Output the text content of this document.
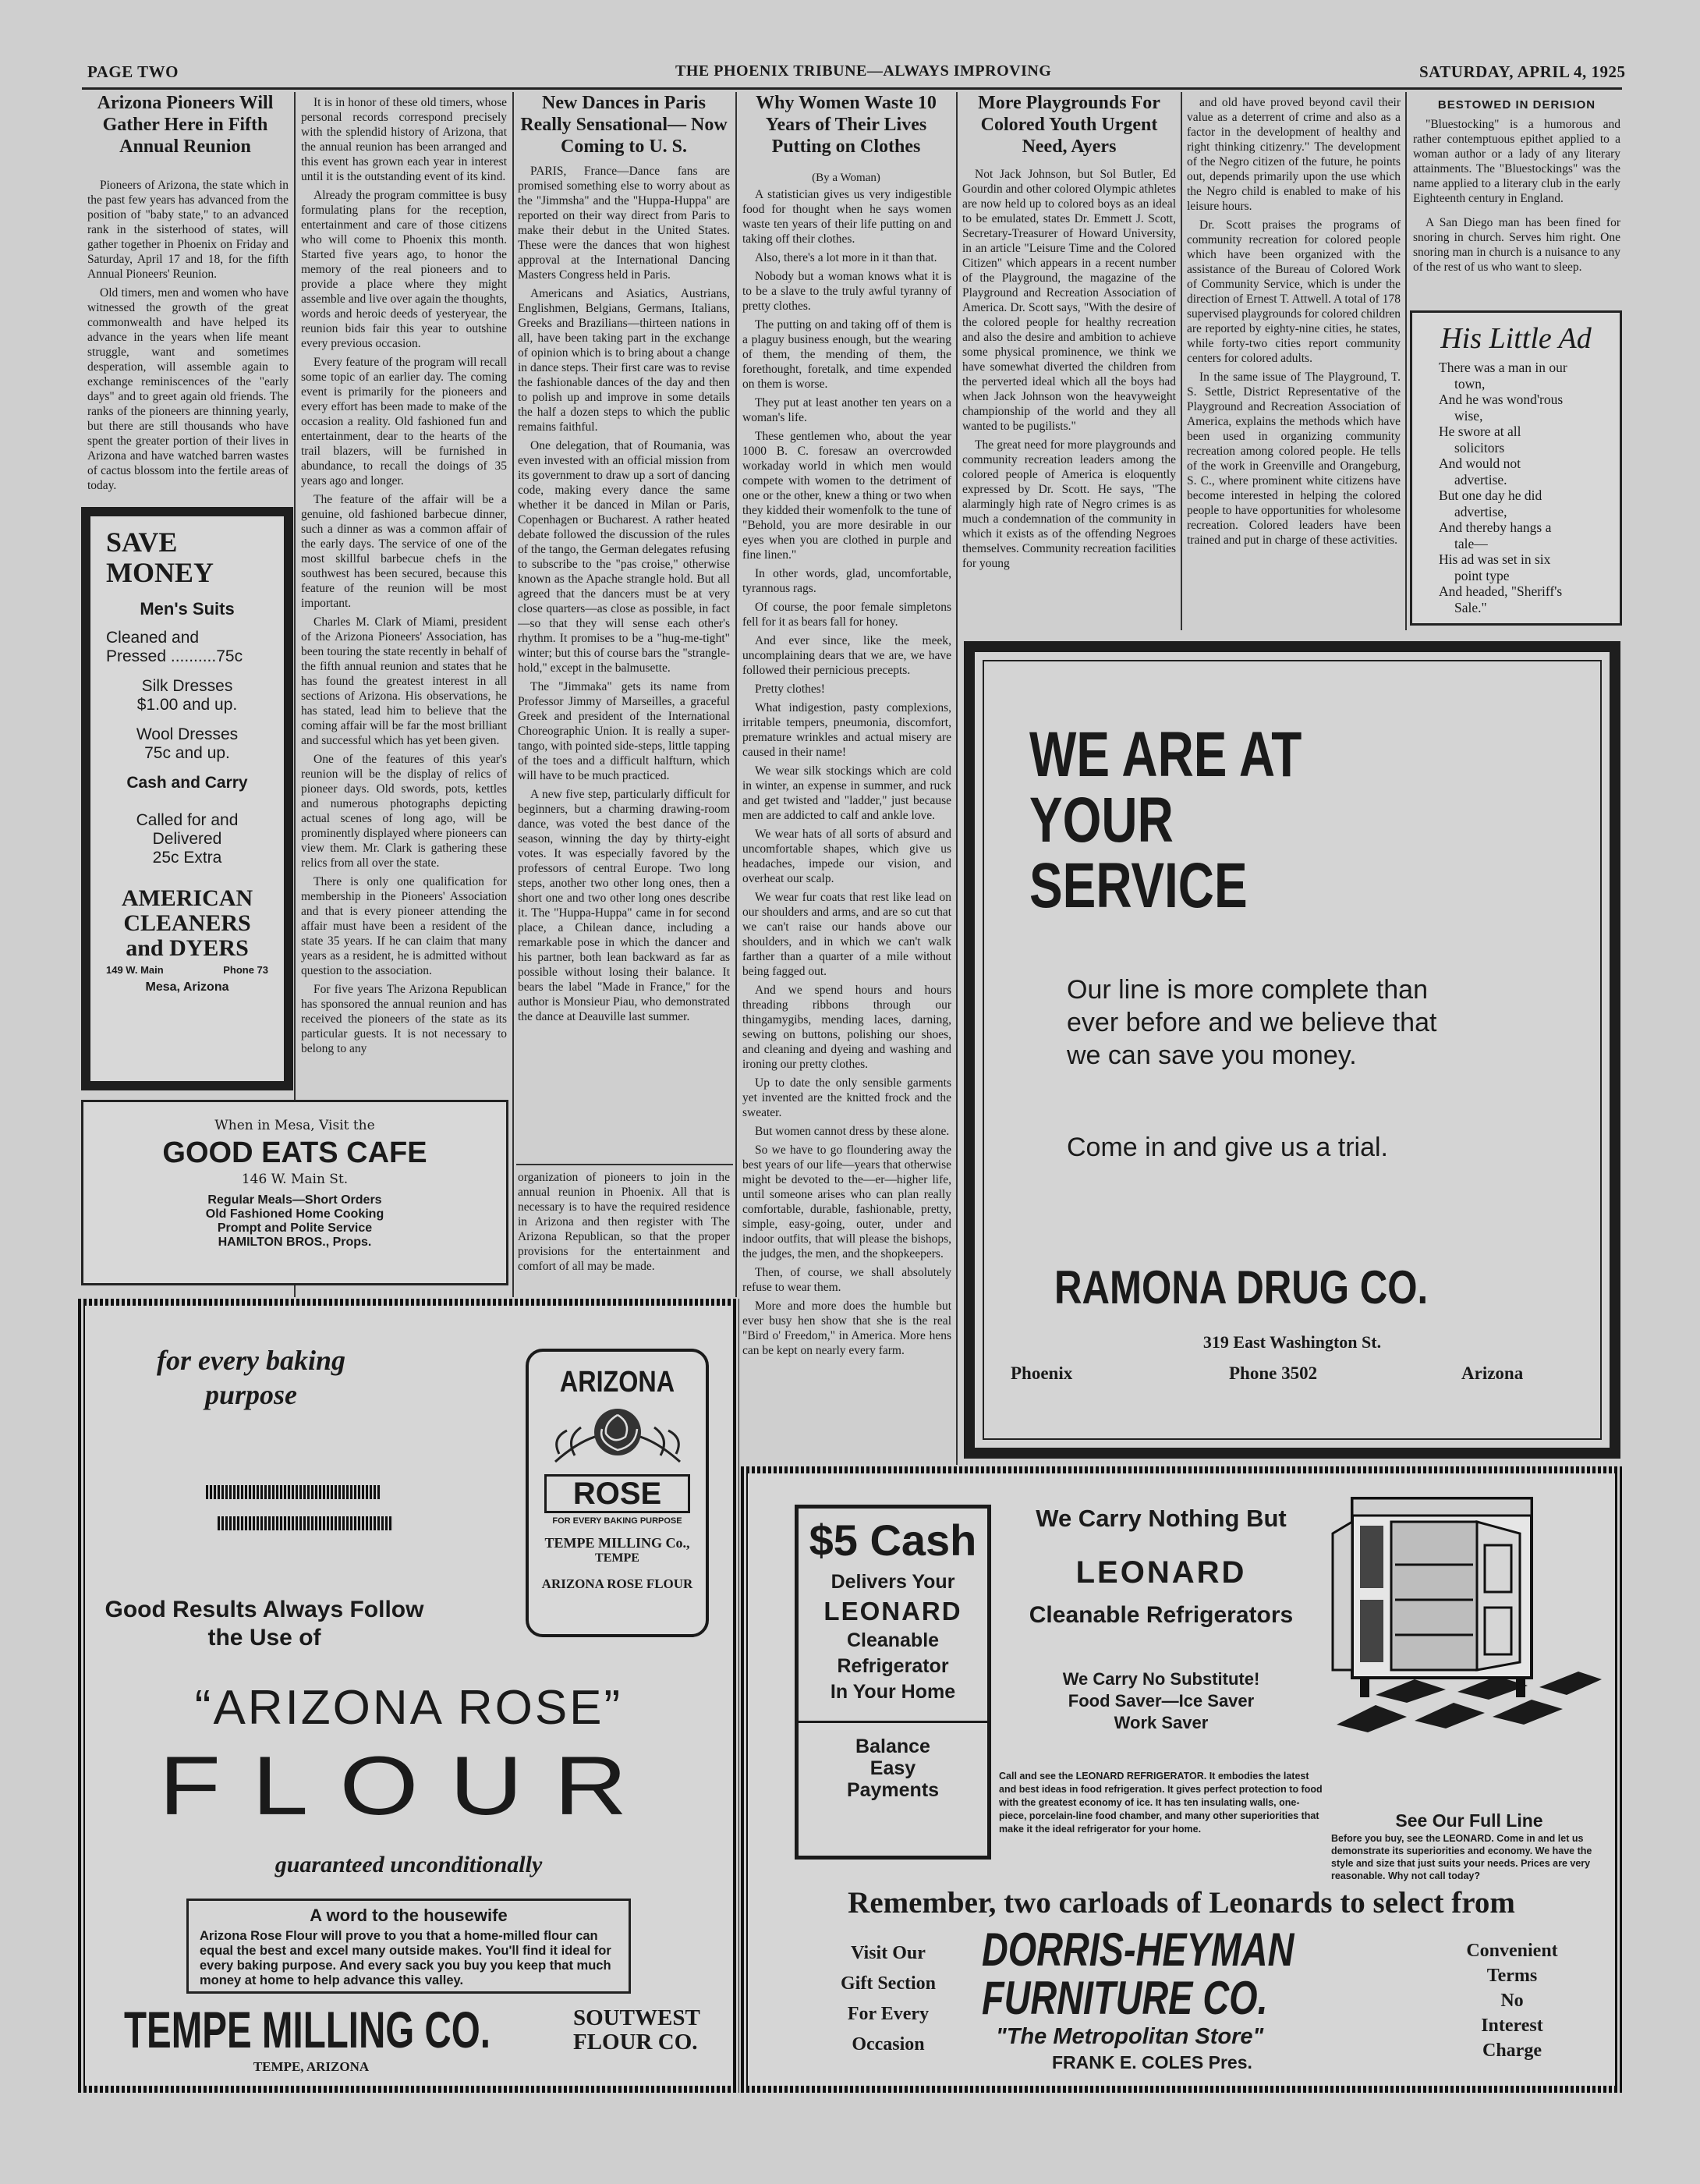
PAGE TWO	THE PHOENIX TRIBUNE—ALWAYS IMPROVING	SATURDAY, APRIL 4, 1925
Arizona Pioneers Will Gather Here in Fifth Annual Reunion

Pioneers of Arizona, the state which in the past few years has advanced from the position of "baby state," to an advanced rank in the sisterhood of states, will gather together in Phoenix on Friday and Saturday, April 17 and 18, for the fifth Annual Pioneers' Reunion.

Old timers, men and women who have witnessed the growth of the great commonwealth and have helped its advance in the years when life meant struggle, want and sometimes desperation, will assemble again to exchange reminiscences of the "early days" and to greet again old friends. The ranks of the pioneers are thinning yearly, but there are still thousands who have spent the greater portion of their lives in Arizona and have watched barren wastes of cactus blossom into the fertile areas of today.

SAVE
MONEY
Men's Suits
Cleaned and
Pressed ..........75c
Silk Dresses
$1.00 and up.
Wool Dresses
75c and up.
Cash and Carry
Called for and
Delivered
25c Extra
AMERICAN
CLEANERS
and DYERS
149 W. Main	Phone 73
Mesa, Arizona
When in Mesa, Visit the
GOOD EATS CAFE
146 W. Main St.
Regular Meals—Short Orders
Old Fashioned Home Cooking
Prompt and Polite Service
HAMILTON BROS., Props.

It is in honor of these old timers, whose personal records correspond precisely with the splendid history of Arizona, that the annual reunion has been arranged and this event has grown each year in interest until it is the outstanding event of its kind.

Already the program committee is busy formulating plans for the reception, entertainment and care of those citizens who will come to Phoenix this month. Started five years ago, to honor the memory of the real pioneers and to provide a place where they might assemble and live over again the thoughts, words and heroic deeds of yesteryear, the reunion bids fair this year to outshine every previous occasion.

Every feature of the program will recall some topic of an earlier day. The coming event is primarily for the pioneers and every effort has been made to make of the occasion a reality. Old fashioned fun and entertainment, dear to the hearts of the trail blazers, will be furnished in abundance, to recall the doings of 35 years ago and longer.

The feature of the affair will be a genuine, old fashioned barbecue dinner, such a dinner as was a common affair of the early days. The service of one of the most skillful barbecue chefs in the southwest has been secured, because this feature of the reunion will be most important.

Charles M. Clark of Miami, president of the Arizona Pioneers' Association, has been touring the state recently in behalf of the fifth annual reunion and states that he has found the greatest interest in all sections of Arizona. His observations, he has stated, lead him to believe that the coming affair will be far the most brilliant and successful which has yet been given.

One of the features of this year's reunion will be the display of relics of pioneer days. Old swords, pots, kettles and numerous photographs depicting actual scenes of long ago, will be prominently displayed where pioneers can view them. Mr. Clark is gathering these relics from all over the state.

There is only one qualification for membership in the Pioneers' Association and that is every pioneer attending the affair must have been a resident of the state 35 years. If he can claim that many years as a resident, he is admitted without question to the association.

For five years The Arizona Republican has sponsored the annual reunion and has received the pioneers of the state as its particular guests. It is not necessary to belong to any

New Dances in Paris Really Sensational— Now Coming to U. S.

PARIS, France—Dance fans are promised something else to worry about as the "Jimmsha" and the "Huppa-Huppa" are reported on their way direct from Paris to make their debut in the United States. These were the dances that won highest approval at the International Dancing Masters Congress held in Paris.

Americans and Asiatics, Austrians, Englishmen, Belgians, Germans, Italians, Greeks and Brazilians—thirteen nations in all, have been taking part in the exchange of opinion which is to bring about a change in dance steps. Their first care was to revise the fashionable dances of the day and then to polish up and improve in some details the half a dozen steps to which the public remains faithful.

One delegation, that of Roumania, was even invested with an official mission from its government to draw up a sort of dancing code, making every dance the same whether it be danced in Milan or Paris, Copenhagen or Bucharest. A rather heated debate followed the discussion of the rules of the tango, the German delegates refusing to subscribe to the "pas croise," otherwise known as the Apache strangle hold. But all agreed that the dancers must be at very close quarters—as close as possible, in fact—so that they will sense each other's rhythm. It promises to be a "hug-me-tight" winter; but this of course bars the "strangle-hold," except in the balmusette.

The "Jimmaka" gets its name from Professor Jimmy of Marseilles, a graceful Greek and president of the International Choreographic Union. It is really a super-tango, with pointed side-steps, little tapping of the toes and a difficult halfturn, which will have to be much practiced.

A new five step, particularly difficult for beginners, but a charming drawing-room dance, was voted the best dance of the season, winning the day by thirty-eight votes. It was especially favored by the professors of central Europe. Two long steps, another two other long ones, then a short one and two other long ones describe it. The "Huppa-Huppa" came in for second place, a Chilean dance, including a remarkable pose in which the dancer and his partner, both lean backward as far as possible without losing their balance. It bears the label "Made in France," for the author is Monsieur Piau, who demonstrated the dance at Deauville last summer.

organization of pioneers to join in the annual reunion in Phoenix. All that is necessary is to have the required residence in Arizona and then register with The Arizona Republican, so that the proper provisions for the entertainment and comfort of all may be made.
Why Women Waste 10 Years of Their Lives Putting on Clothes
(By a Woman)

A statistician gives us very indigestible food for thought when he says women waste ten years of their life putting on and taking off their clothes.

Also, there's a lot more in it than that.

Nobody but a woman knows what it is to be a slave to the truly awful tyranny of pretty clothes.

The putting on and taking off of them is a plaguy business enough, but the wearing of them, the mending of them, the forethought, foretalk, and time expended on them is worse.

They put at least another ten years on a woman's life.

These gentlemen who, about the year 1000 B. C. foresaw an overcrowded workaday world in which men would compete with women to the detriment of one or the other, knew a thing or two when they kidded their womenfolk to the tune of "Behold, you are more desirable in our eyes when you are clothed in purple and fine linen."

In other words, glad, uncomfortable, tyrannous rags.

Of course, the poor female simpletons fell for it as bears fall for honey.

And ever since, like the meek, uncomplaining dears that we are, we have followed their pernicious precepts.

Pretty clothes!

What indigestion, pasty complexions, irritable tempers, pneumonia, discomfort, premature wrinkles and actual misery are caused in their name!

We wear silk stockings which are cold in winter, an expense in summer, and ruck and get twisted and "ladder," just because men are addicted to calf and ankle love.

We wear hats of all sorts of absurd and uncomfortable shapes, which give us headaches, impede our vision, and overheat our scalp.

We wear fur coats that rest like lead on our shoulders and arms, and are so cut that we can't raise our hands above our shoulders, and in which we can't walk farther than a quarter of a mile without being fagged out.

And we spend hours and hours threading ribbons through our thingamygibs, mending laces, darning, sewing on buttons, polishing our shoes, and cleaning and dyeing and washing and ironing our pretty clothes.

Up to date the only sensible garments yet invented are the knitted frock and the sweater.

But women cannot dress by these alone.

So we have to go floundering away the best years of our life—years that otherwise might be devoted to the—er—higher life, until someone arises who can plan really comfortable, durable, fashionable, pretty, simple, easy-going, outer, under and indoor outfits, that will please the bishops, the judges, the men, and the shopkeepers.

Then, of course, we shall absolutely refuse to wear them.

More and more does the humble but ever busy hen show that she is the real "Bird o' Freedom," in America. More hens can be kept on nearly every farm.

More Playgrounds For Colored Youth Urgent Need, Ayers

Not Jack Johnson, but Sol Butler, Ed Gourdin and other colored Olympic athletes are now held up to colored boys as an ideal to be emulated, states Dr. Emmett J. Scott, Secretary-Treasurer of Howard University, in an article "Leisure Time and the Colored Citizen" which appears in a recent number of the Playground, the magazine of the Playground and Recreation Association of America. Dr. Scott says, "With the desire of the colored people for healthy recreation and also the desire and ambition to achieve some physical prominence, we think we have somewhat diverted the children from the perverted ideal which all the boys had when Jack Johnson won the heavyweight championship of the world and they all wanted to be pugilists."

The great need for more playgrounds and community recreation leaders among the colored people of America is eloquently expressed by Dr. Scott. He says, "The alarmingly high rate of Negro crimes is as much a condemnation of the community in which it exists as of the offending Negroes themselves. Community recreation facilities for young

and old have proved beyond cavil their value as a deterrent of crime and also as a factor in the development of healthy and right thinking citizenry." The development of the Negro citizen of the future, he points out, depends primarily upon the use which the Negro child is enabled to make of his leisure hours.

Dr. Scott praises the programs of community recreation for colored people which have been organized with the assistance of the Bureau of Colored Work of Community Service, which is under the direction of Ernest T. Attwell. A total of 178 supervised playgrounds for colored children are reported by eighty-nine cities, he states, while forty-two cities report community centers for colored adults.

In the same issue of The Playground, T. S. Settle, District Representative of the Playground and Recreation Association of America, explains the methods which have been used in organizing community recreation among colored people. He tells of the work in Greenville and Orangeburg, S. C., where prominent white citizens have become interested in helping the colored people to have opportunities for wholesome recreation. Colored leaders have been trained and put in charge of these activities.

BESTOWED IN DERISION

"Bluestocking" is a humorous and rather contemptuous epithet applied to a woman author or a lady of any literary attainments. The "Bluestockings" was the name applied to a literary club in the early Eighteenth century in England.

A San Diego man has been fined for snoring in church. Serves him right. One snoring man in church is a nuisance to any of the rest of us who want to sleep.

His Little Ad
There was a man in our
town,
And he was wond'rous
wise,
He swore at all
solicitors
And would not
advertise.
But one day he did
advertise,
And thereby hangs a
tale—
His ad was set in six
point type
And headed, "Sheriff's
Sale."
WE ARE AT
YOUR
SERVICE
Our line is more complete than ever before and we believe that we can save you money.
Come in and give us a trial.
RAMONA DRUG CO.
319 East Washington St.
Phoenix	Phone 3502	Arizona
for every baking
purpose	ARIZONA
ROSE
FOR EVERY BAKING PURPOSE
TEMPE MILLING Co.,
TEMPE
ARIZONA ROSE FLOUR
Good Results Always Follow
the Use of
“ARIZONA ROSE”
FLOUR
guaranteed unconditionally
A word to the housewife
Arizona Rose Flour will prove to you that a home-milled flour can equal the best and excel many outside makes. You'll find it ideal for every baking purpose. And every sack you buy you keep that much money at home to help advance this valley.
TEMPE MILLING CO.
TEMPE, ARIZONA
SOUTWEST
FLOUR CO.
$5 Cash
Delivers Your
LEONARD
Cleanable
Refrigerator
In Your Home
Balance
Easy
Payments
We Carry Nothing But
LEONARD
Cleanable Refrigerators
We Carry No Substitute!
Food Saver—Ice Saver
Work Saver
Call and see the LEONARD REFRIGERATOR. It embodies the latest and best ideas in food refrigeration. It gives perfect protection to food with the greatest economy of ice. It has ten insulating walls, one-piece, porcelain-line food chamber, and many other superiorities that make it the ideal refrigerator for your home.	See Our Full Line
Before you buy, see the LEONARD. Come in and let us demonstrate its superiorities and economy. We have the style and size that just suits your needs. Prices are very reasonable. Why not call today?
Remember, two carloads of Leonards to select from
Visit Our
Gift Section
For Every
Occasion
DORRIS-HEYMAN
FURNITURE CO.
"The Metropolitan Store"
FRANK E. COLES Pres.
Convenient
Terms
No
Interest
Charge
